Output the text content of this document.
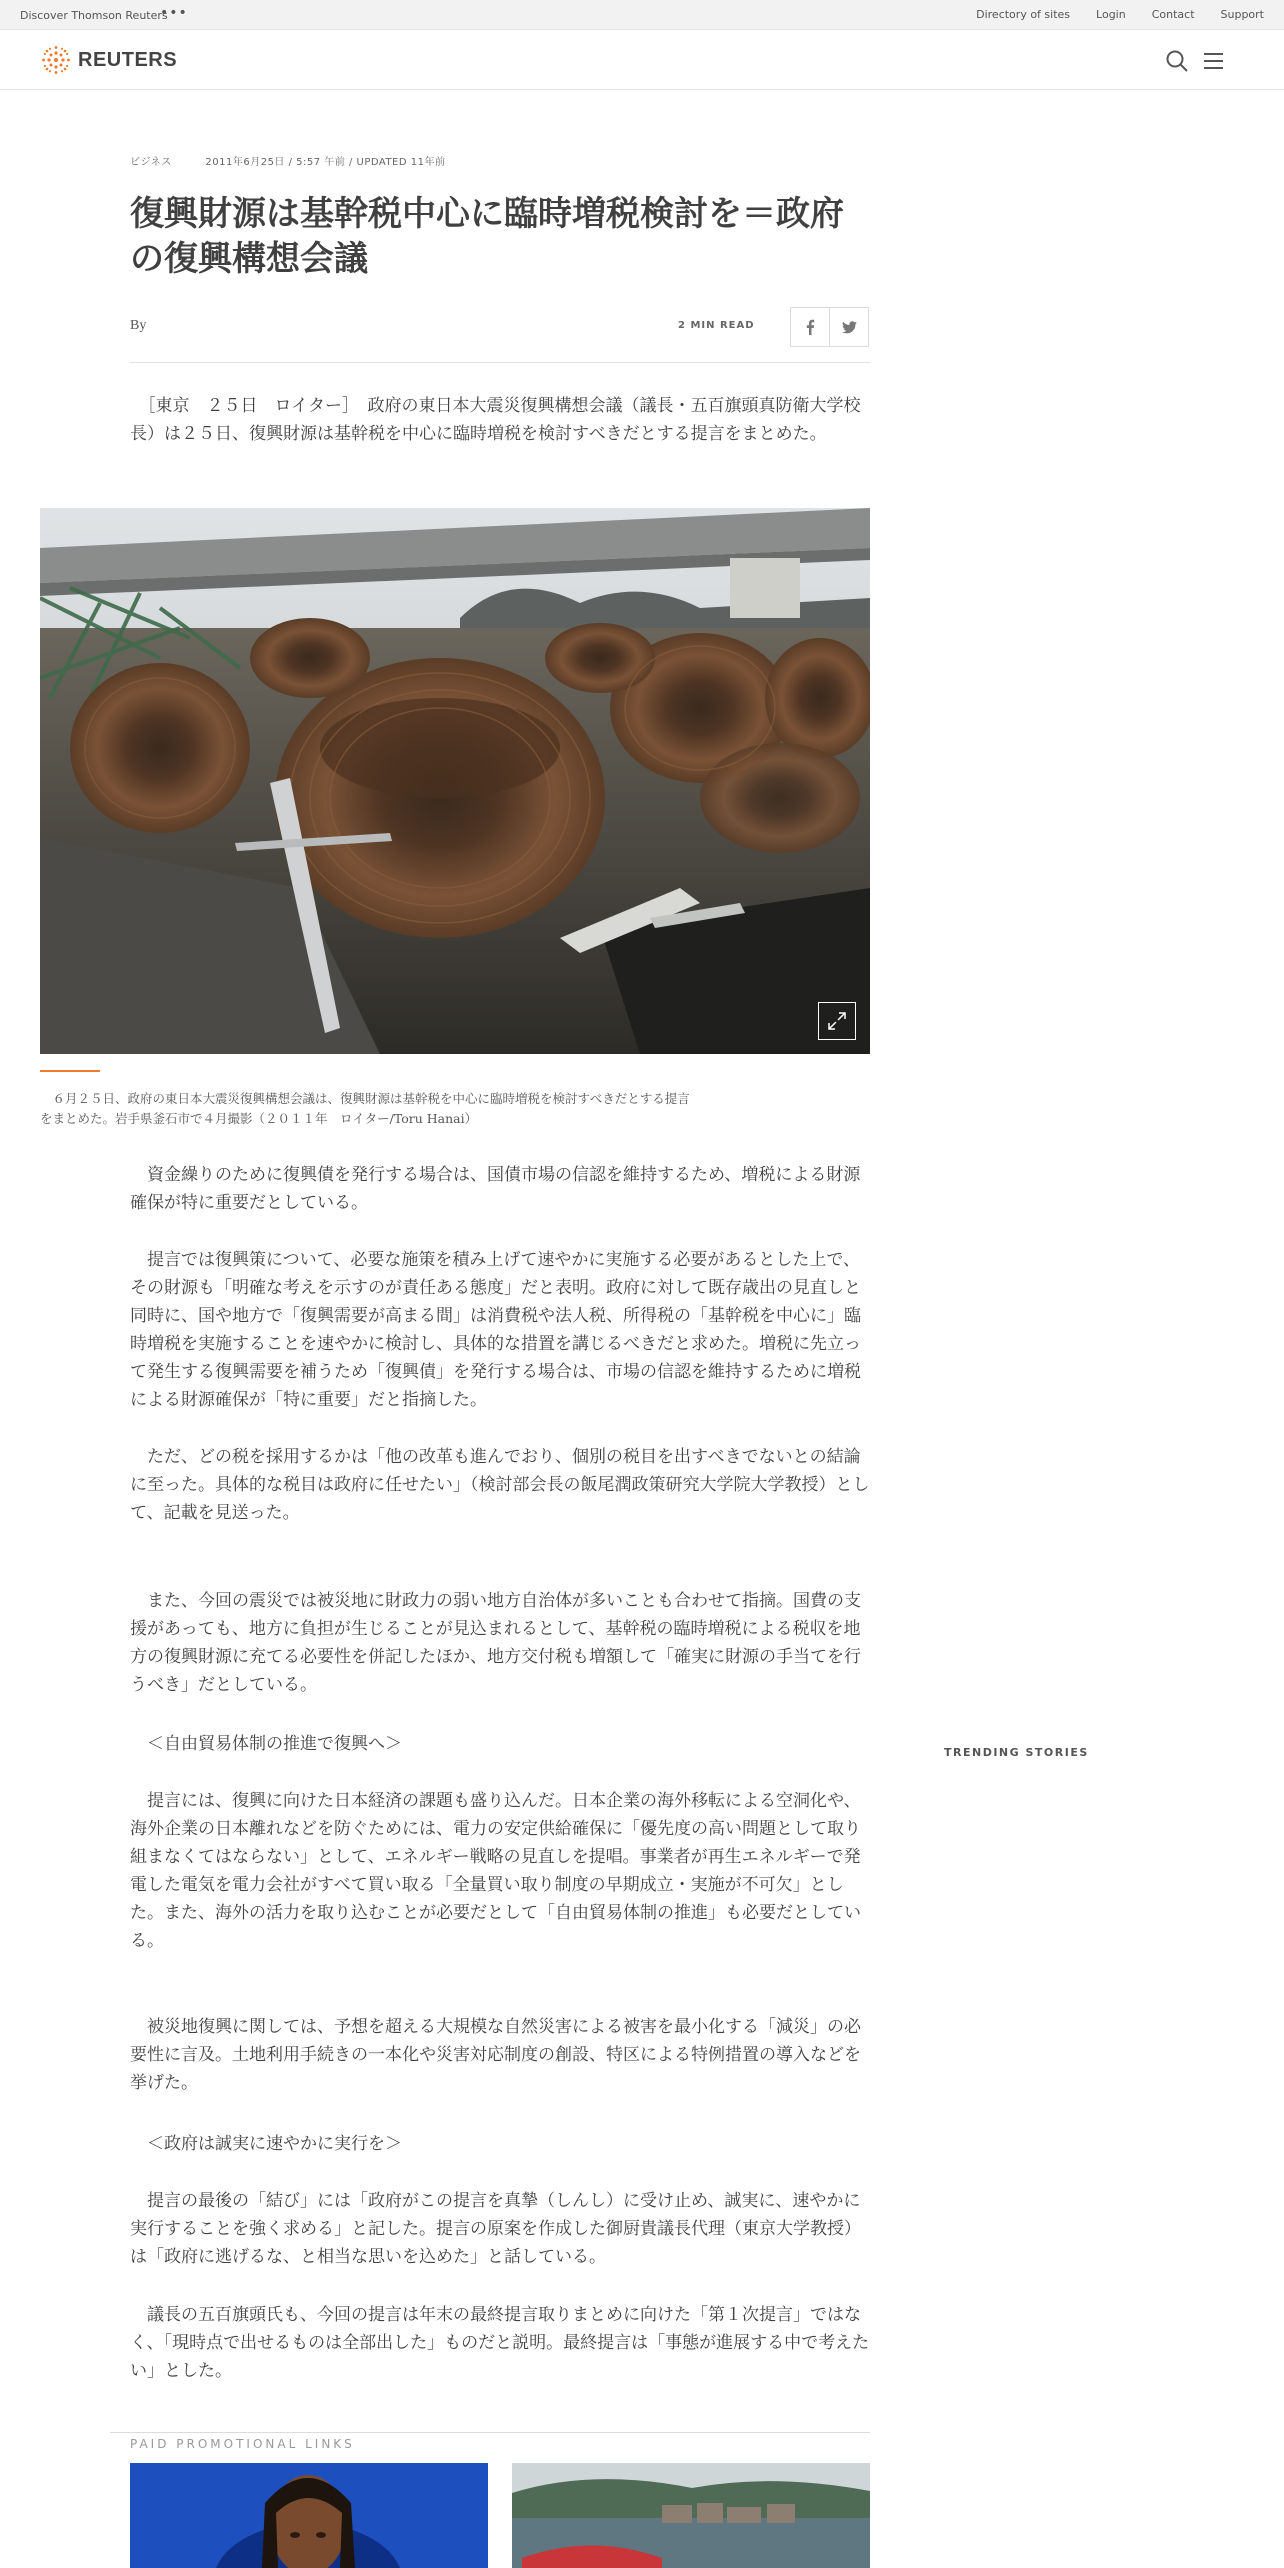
Discover Thomson Reuters
•••	Directory of sites Login Contact Support
REUTERS
ビジネス	2011年6月25日 / 5:57 午前 / UPDATED 11年前
復興財源は基幹税中心に臨時増税検討を＝政府の復興構想会議
By	2 MIN READ

　［東京　２５日　ロイター］　政府の東日本大震災復興構想会議（議長・五百旗頭真防衛大学校長）は２５日、復興財源は基幹税を中心に臨時増税を検討すべきだとする提言をまとめた。

　６月２５日、政府の東日本大震災復興構想会議は、復興財源は基幹税を中心に臨時増税を検討すべきだとする提言をまとめた。岩手県釜石市で４月撮影（２０１１年　ロイター/Toru Hanai）

　資金繰りのために復興債を発行する場合は、国債市場の信認を維持するため、増税による財源確保が特に重要だとしている。

　提言では復興策について、必要な施策を積み上げて速やかに実施する必要があるとした上で、その財源も「明確な考えを示すのが責任ある態度」だと表明。政府に対して既存歳出の見直しと同時に、国や地方で「復興需要が高まる間」は消費税や法人税、所得税の「基幹税を中心に」臨時増税を実施することを速やかに検討し、具体的な措置を講じるべきだと求めた。増税に先立って発生する復興需要を補うため「復興債」を発行する場合は、市場の信認を維持するために増税による財源確保が「特に重要」だと指摘した。

　ただ、どの税を採用するかは「他の改革も進んでおり、個別の税目を出すべきでないとの結論に至った。具体的な税目は政府に任せたい」（検討部会長の飯尾潤政策研究大学院大学教授）として、記載を見送った。

　また、今回の震災では被災地に財政力の弱い地方自治体が多いことも合わせて指摘。国費の支援があっても、地方に負担が生じることが見込まれるとして、基幹税の臨時増税による税収を地方の復興財源に充てる必要性を併記したほか、地方交付税も増額して「確実に財源の手当てを行うべき」だとしている。

　＜自由貿易体制の推進で復興へ＞

　提言には、復興に向けた日本経済の課題も盛り込んだ。日本企業の海外移転による空洞化や、海外企業の日本離れなどを防ぐためには、電力の安定供給確保に「優先度の高い問題として取り組まなくてはならない」として、エネルギー戦略の見直しを提唱。事業者が再生エネルギーで発電した電気を電力会社がすべて買い取る「全量買い取り制度の早期成立・実施が不可欠」とした。また、海外の活力を取り込むことが必要だとして「自由貿易体制の推進」も必要だとしている。

　被災地復興に関しては、予想を超える大規模な自然災害による被害を最小化する「減災」の必要性に言及。土地利用手続きの一本化や災害対応制度の創設、特区による特例措置の導入などを挙げた。

　＜政府は誠実に速やかに実行を＞

　提言の最後の「結び」には「政府がこの提言を真摯（しんし）に受け止め、誠実に、速やかに実行することを強く求める」と記した。提言の原案を作成した御厨貴議長代理（東京大学教授）は「政府に逃げるな、と相当な思いを込めた」と話している。

　議長の五百旗頭氏も、今回の提言は年末の最終提言取りまとめに向けた「第１次提言」ではなく、「現時点で出せるものは全部出した」ものだと説明。最終提言は「事態が進展する中で考えたい」とした。

TRENDING STORIES
PAID PROMOTIONAL LINKS
